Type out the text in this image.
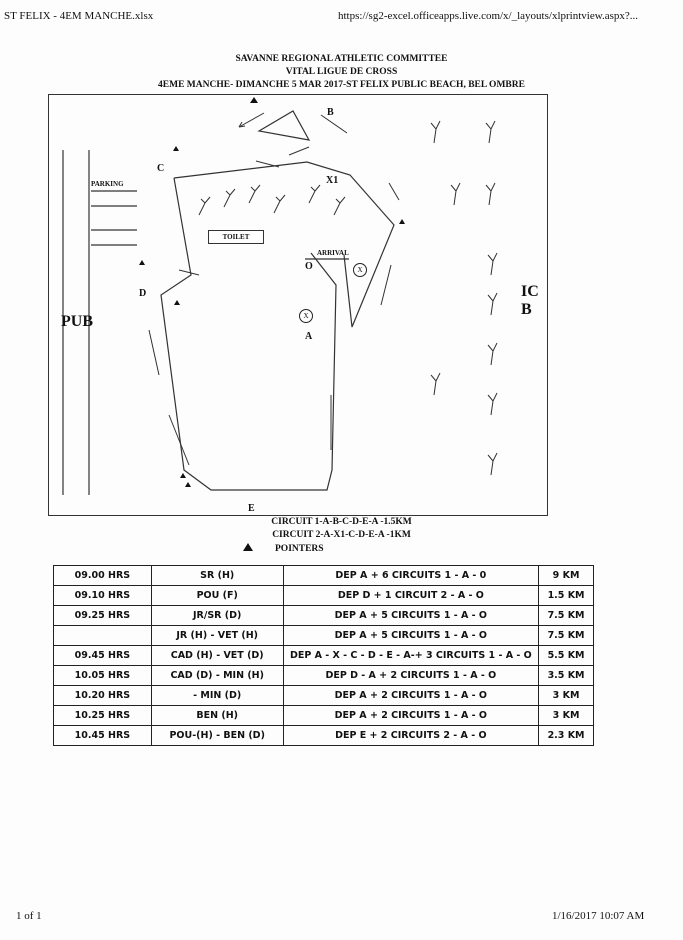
ST FELIX - 4EM MANCHE.xlsx	https://sg2-excel.officeapps.live.com/x/_layouts/xlprintview.aspx?...
SAVANNE REGIONAL ATHLETIC COMMITTEE
VITAL LIGUE DE CROSS
4EME MANCHE- DIMANCHE 5 MAR 2017-ST FELIX PUBLIC BEACH, BEL OMBRE
B
C
X1
PARKING
TOILET
ARRIVAL
O	X
D
X
A
PUB
IC B
E
CIRCUIT 1-A-B-C-D-E-A -1.5KM
CIRCUIT 2-A-X1-C-D-E-A -1KM
POINTERS
09.00 HRS	SR (H)	DEP A + 6 CIRCUITS 1 - A - 0	9 KM
09.10 HRS	POU (F)	DEP D + 1 CIRCUIT 2 - A - O	1.5 KM
09.25 HRS	JR/SR (D)	DEP A + 5 CIRCUITS 1 - A - O	7.5 KM
	JR (H) - VET (H)	DEP A + 5 CIRCUITS 1 - A - O	7.5 KM
09.45 HRS	CAD (H) - VET (D)	DEP A - X - C - D - E - A-+ 3 CIRCUITS 1 - A - O	5.5 KM
10.05 HRS	CAD (D) - MIN (H)	DEP D - A + 2 CIRCUITS 1 - A - O	3.5 KM
10.20 HRS	- MIN (D)	DEP A + 2 CIRCUITS 1 - A - O	3 KM
10.25 HRS	BEN (H)	DEP A + 2 CIRCUITS 1 - A - O	3 KM
10.45 HRS	POU-(H) - BEN (D)	DEP E + 2 CIRCUITS 2 - A - O	2.3 KM
1 of 1	1/16/2017 10:07 AM
